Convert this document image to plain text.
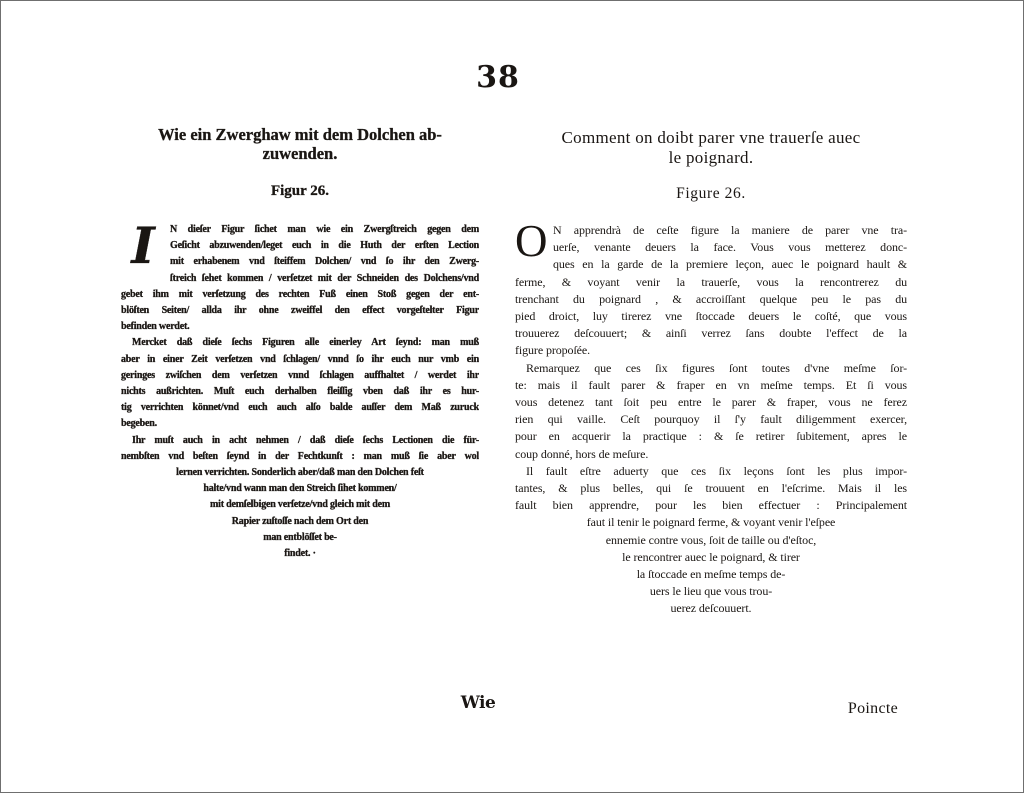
38
Wie ein Zwerghaw mit dem Dolchen ab-
zuwenden.
Figur 26.
I	N dieſer Figur ſichet man wie ein Zwergſtreich gegen dem
Geſicht abzuwenden/leget euch in die Huth der erſten Lection
mit erhabenem vnd ſteiffem Dolchen/ vnd ſo ihr den Zwerg-
ſtreich ſehet kommen / verſetzet mit der Schneiden des Dolchens/vnd
gebet ihm mit verſetzung des rechten Fuß einen Stoß gegen der ent-
blöſten Seiten/ allda ihr ohne zweiffel den effect vorgeſtelter Figur
befinden werdet.
Mercket daß dieſe ſechs Figuren alle einerley Art ſeynd: man muß
aber in einer Zeit verſetzen vnd ſchlagen/ vnnd ſo ihr euch nur vmb ein
geringes zwiſchen dem verſetzen vnnd ſchlagen auffhaltet / werdet ihr
nichts außrichten. Muſt euch derhalben fleiſſig vben daß ihr es hur-
tig verrichten könnet/vnd euch auch alſo balde auſſer dem Maß zuruck
begeben.
Ihr muſt auch in acht nehmen / daß dieſe ſechs Lectionen die für-
nembſten vnd beſten ſeynd in der Fechtkunſt : man muß ſie aber wol
lernen verrichten. Sonderlich aber/daß man den Dolchen feſt
halte/vnd wann man den Streich ſihet kommen/
mit demſelbigen verſetze/vnd gleich mit dem
Rapier zuſtoſſe nach dem Ort den
man entblöſſet be-
findet. ·
Comment on doibt parer vne trauerſe auec
le poignard.
Figure 26.
O N apprendrà de ceſte figure la maniere de parer vne tra-
uerſe, venante deuers la face. Vous vous metterez donc-
ques en la garde de la premiere leçon, auec le poignard hault &
ferme, & voyant venir la trauerſe, vous la rencontrerez du
trenchant du poignard , & accroiſſant quelque peu le pas du
pied droict, luy tirerez vne ſtoccade deuers le coſté, que vous
trouuerez deſcouuert; & ainſi verrez ſans doubte l'effect de la
figure propoſée.
Remarquez que ces ſix figures ſont toutes d'vne meſme ſor-
te: mais il fault parer & fraper en vn meſme temps. Et ſi vous
vous detenez tant ſoit peu entre le parer & fraper, vous ne ferez
rien qui vaille. Ceſt pourquoy il ſ'y fault diligemment exercer,
pour en acquerir la practique : & ſe retirer ſubitement, apres le
coup donné, hors de meſure.
Il fault eſtre aduerty que ces ſix leçons ſont les plus impor-
tantes, & plus belles, qui ſe trouuent en l'eſcrime. Mais il les
fault bien apprendre, pour les bien effectuer : Principalement
faut il tenir le poignard ferme, & voyant venir l'eſpee
ennemie contre vous, ſoit de taille ou d'eſtoc,
le rencontrer auec le poignard, & tirer
la ſtoccade en meſme temps de-
uers le lieu que vous trou-
uerez deſcouuert.
Wie	Poincte
